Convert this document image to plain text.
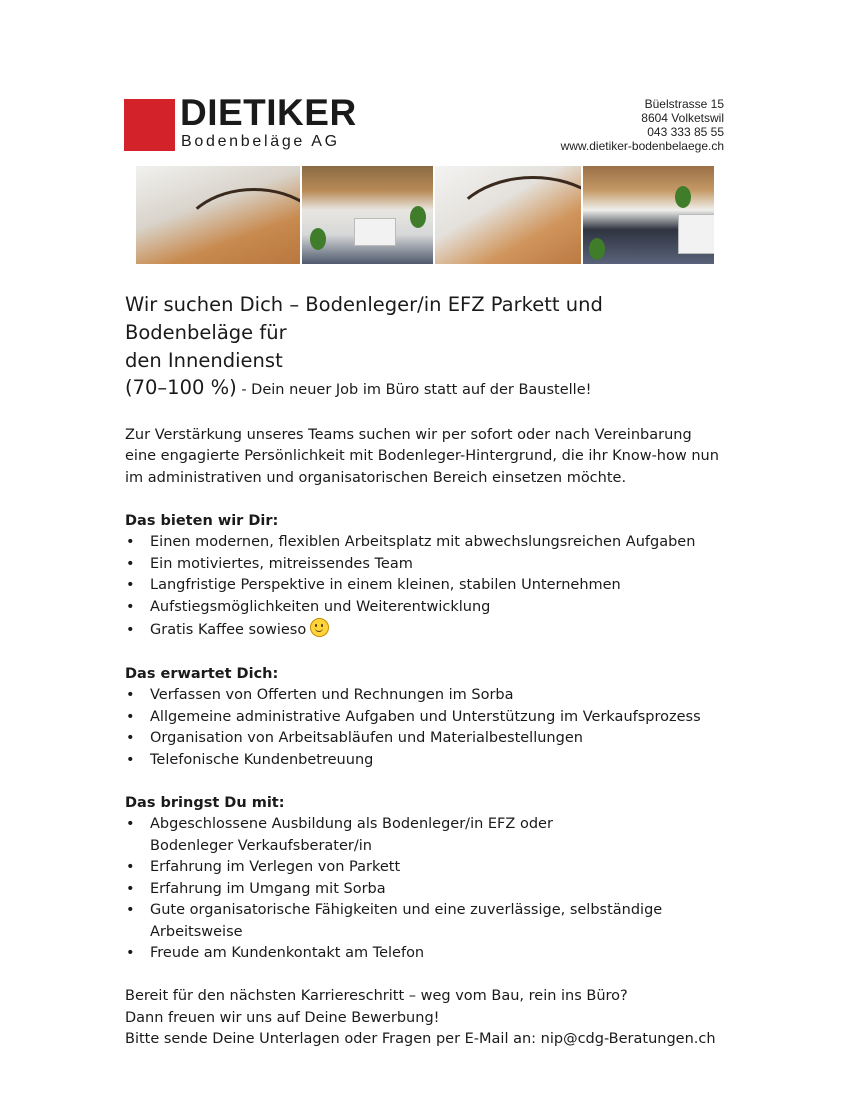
DIETIKER
Bodenbeläge AG
Büelstrasse 15
8604 Volketswil
043 333 85 55
www.dietiker-bodenbelaege.ch
Wir suchen Dich – Bodenleger/in EFZ Parkett und Bodenbeläge für
den Innendienst

(70–100 %) - Dein neuer Job im Büro statt auf der Baustelle!

Zur Verstärkung unseres Teams suchen wir per sofort oder nach Vereinbarung eine engagierte Persönlichkeit mit Bodenleger-Hintergrund, die ihr Know-how nun im administrativen und organisatorischen Bereich einsetzen möchte.

Das bieten wir Dir:

• Einen modernen, flexiblen Arbeitsplatz mit abwechslungsreichen Aufgaben
• Ein motiviertes, mitreissendes Team
• Langfristige Perspektive in einem kleinen, stabilen Unternehmen
• Aufstiegsmöglichkeiten und Weiterentwicklung
• Gratis Kaffee sowieso

Das erwartet Dich:

• Verfassen von Offerten und Rechnungen im Sorba
• Allgemeine administrative Aufgaben und Unterstützung im Verkaufsprozess
• Organisation von Arbeitsabläufen und Materialbestellungen
• Telefonische Kundenbetreuung

Das bringst Du mit:

• Abgeschlossene Ausbildung als Bodenleger/in EFZ oder Bodenleger Verkaufsberater/in
• Erfahrung im Verlegen von Parkett
• Erfahrung im Umgang mit Sorba
• Gute organisatorische Fähigkeiten und eine zuverlässige, selbständige Arbeitsweise
• Freude am Kundenkontakt am Telefon

Bereit für den nächsten Karriereschritt – weg vom Bau, rein ins Büro?

Dann freuen wir uns auf Deine Bewerbung!

Bitte sende Deine Unterlagen oder Fragen per E-Mail an: nip@cdg-Beratungen.ch
